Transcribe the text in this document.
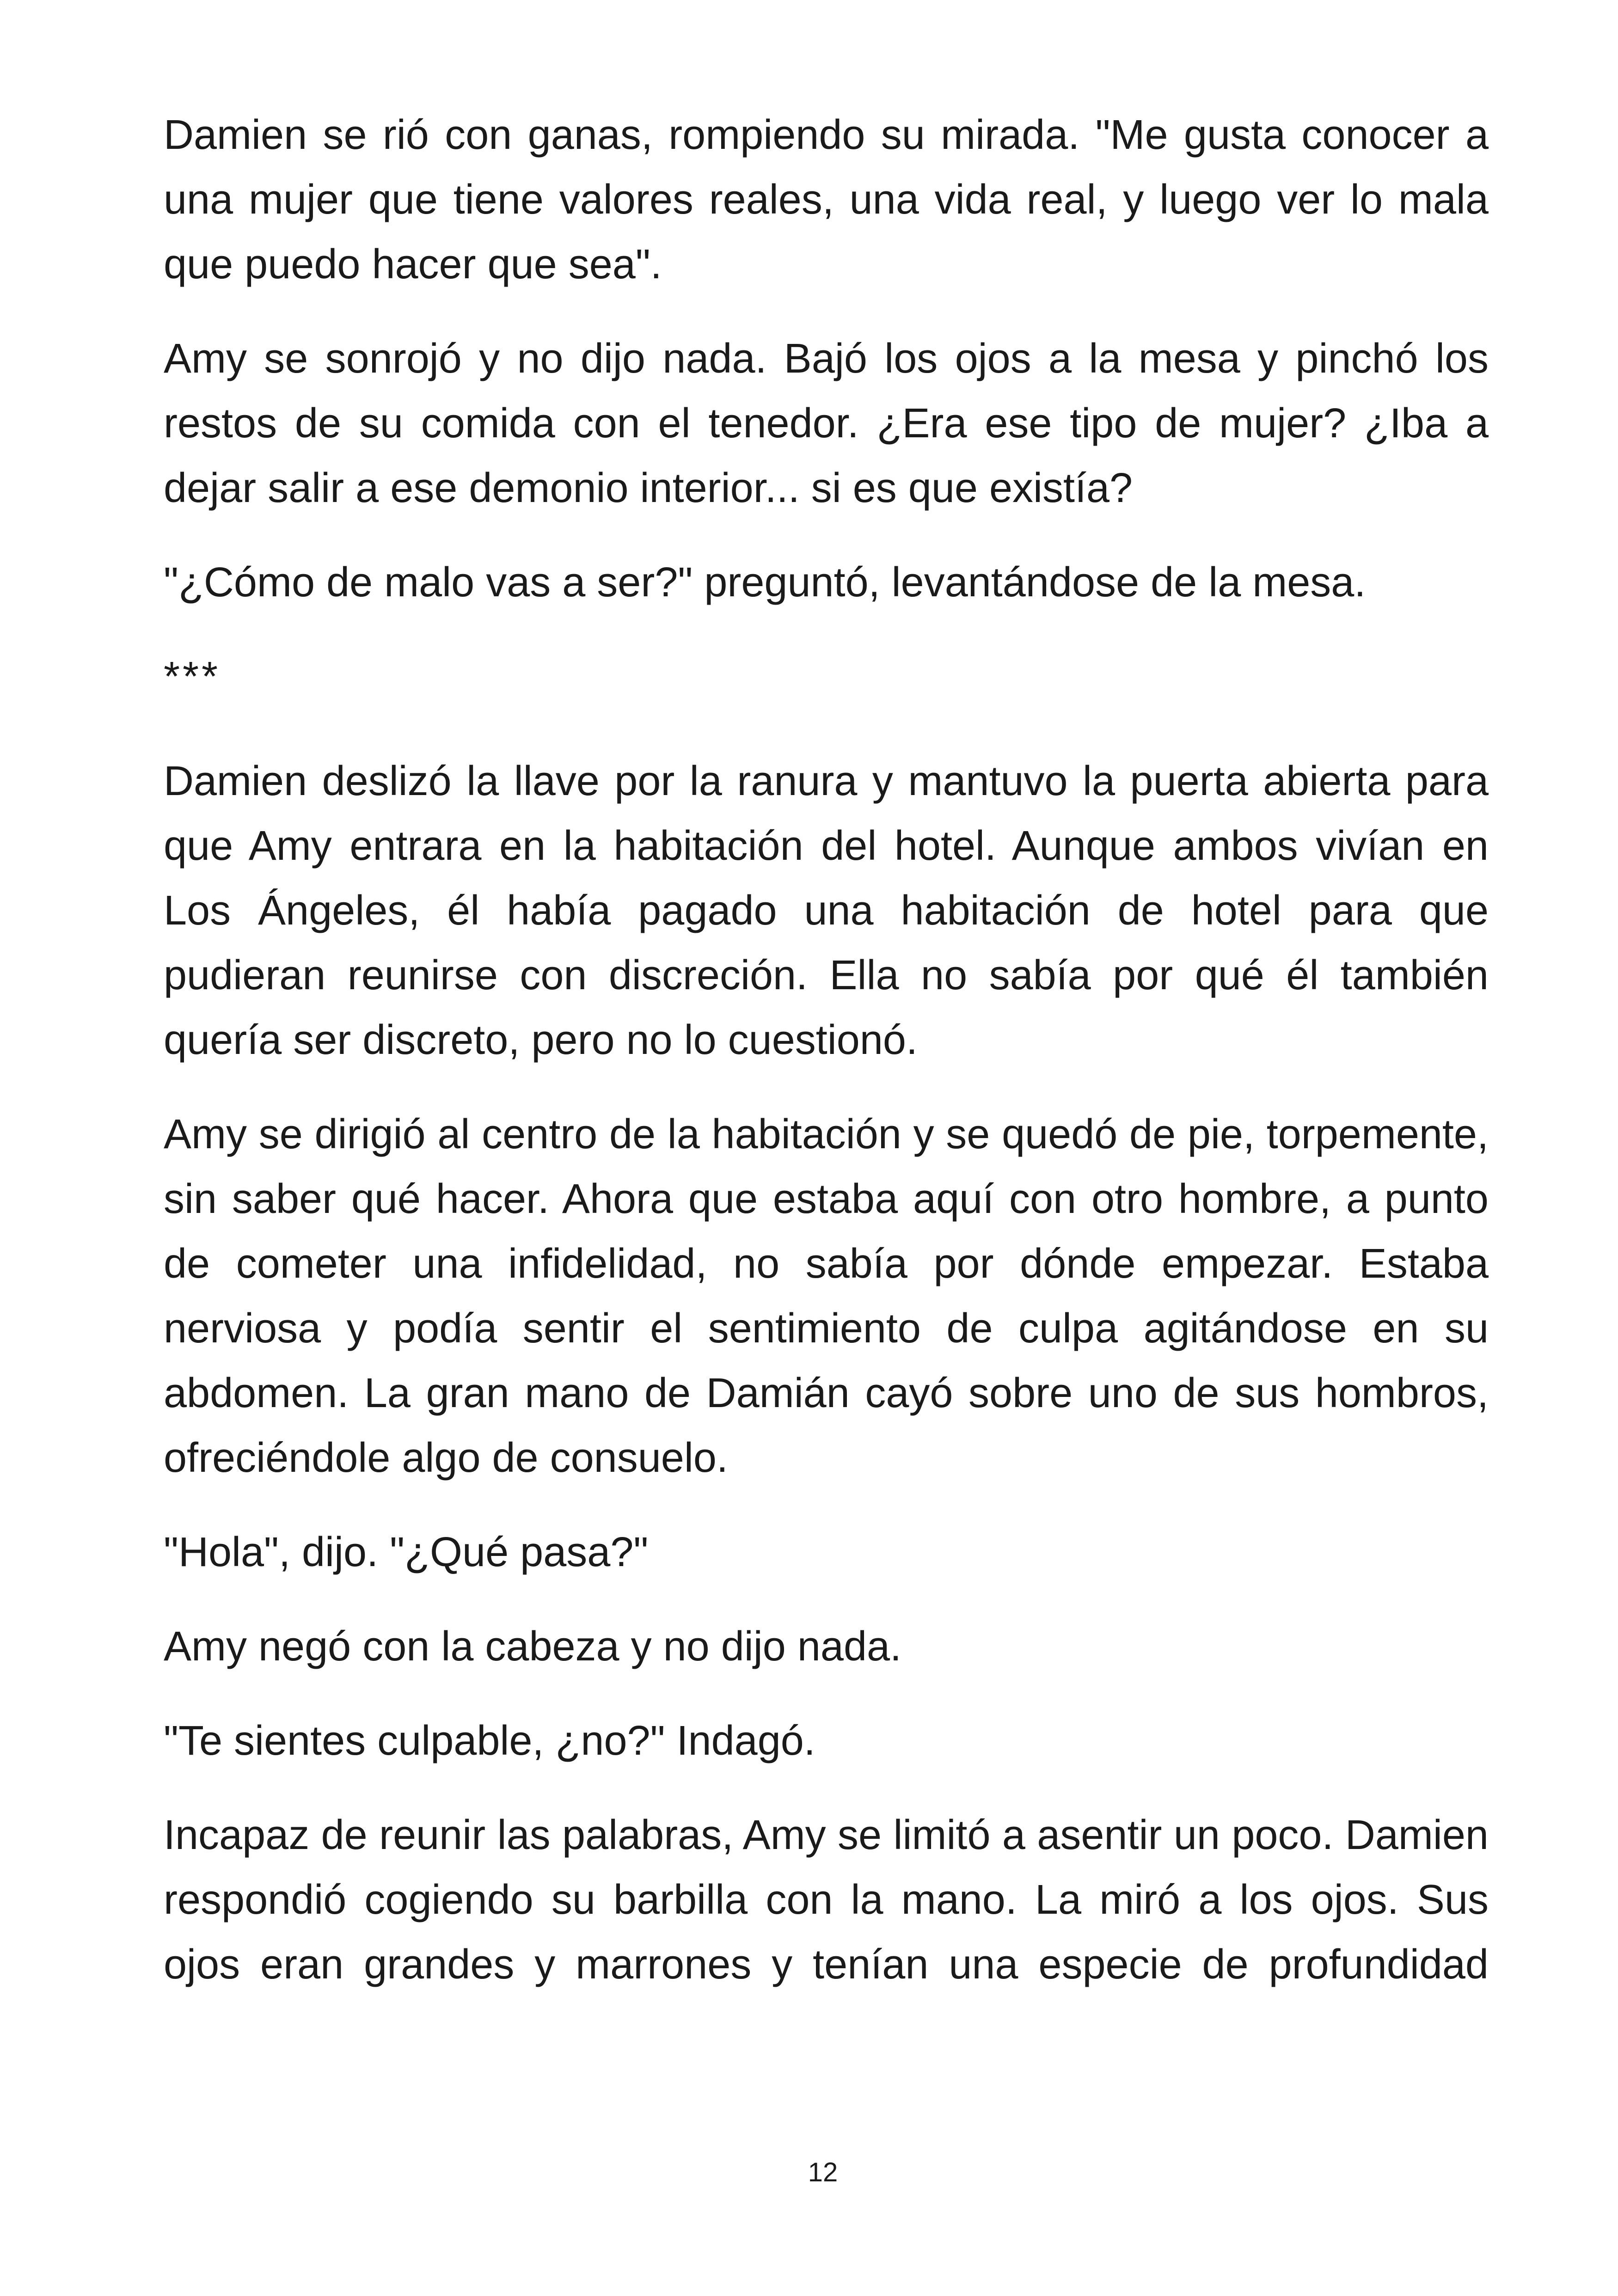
Damien se rió con ganas, rompiendo su mirada. "Me gusta conocer a una mujer que tiene valores reales, una vida real, y luego ver lo mala que puedo hacer que sea".

Amy se sonrojó y no dijo nada. Bajó los ojos a la mesa y pinchó los restos de su comida con el tenedor. ¿Era ese tipo de mujer? ¿Iba a dejar salir a ese demonio interior... si es que existía?

"¿Cómo de malo vas a ser?" preguntó, levantándose de la mesa.

***

Damien deslizó la llave por la ranura y mantuvo la puerta abierta para que Amy entrara en la habitación del hotel. Aunque ambos vivían en Los Ángeles, él había pagado una habitación de hotel para que pudieran reunirse con discreción. Ella no sabía por qué él también quería ser discreto, pero no lo cuestionó.

Amy se dirigió al centro de la habitación y se quedó de pie, torpemente, sin saber qué hacer. Ahora que estaba aquí con otro hombre, a punto de cometer una infidelidad, no sabía por dónde empezar. Estaba nerviosa y podía sentir el sentimiento de culpa agitándose en su abdomen. La gran mano de Damián cayó sobre uno de sus hombros, ofreciéndole algo de consuelo.

"Hola", dijo. "¿Qué pasa?"

Amy negó con la cabeza y no dijo nada.

"Te sientes culpable, ¿no?" Indagó.

Incapaz de reunir las palabras, Amy se limitó a asentir un poco. Damien respondió cogiendo su barbilla con la mano. La miró a los ojos. Sus ojos eran grandes y marrones y tenían una especie de profundidad

12
